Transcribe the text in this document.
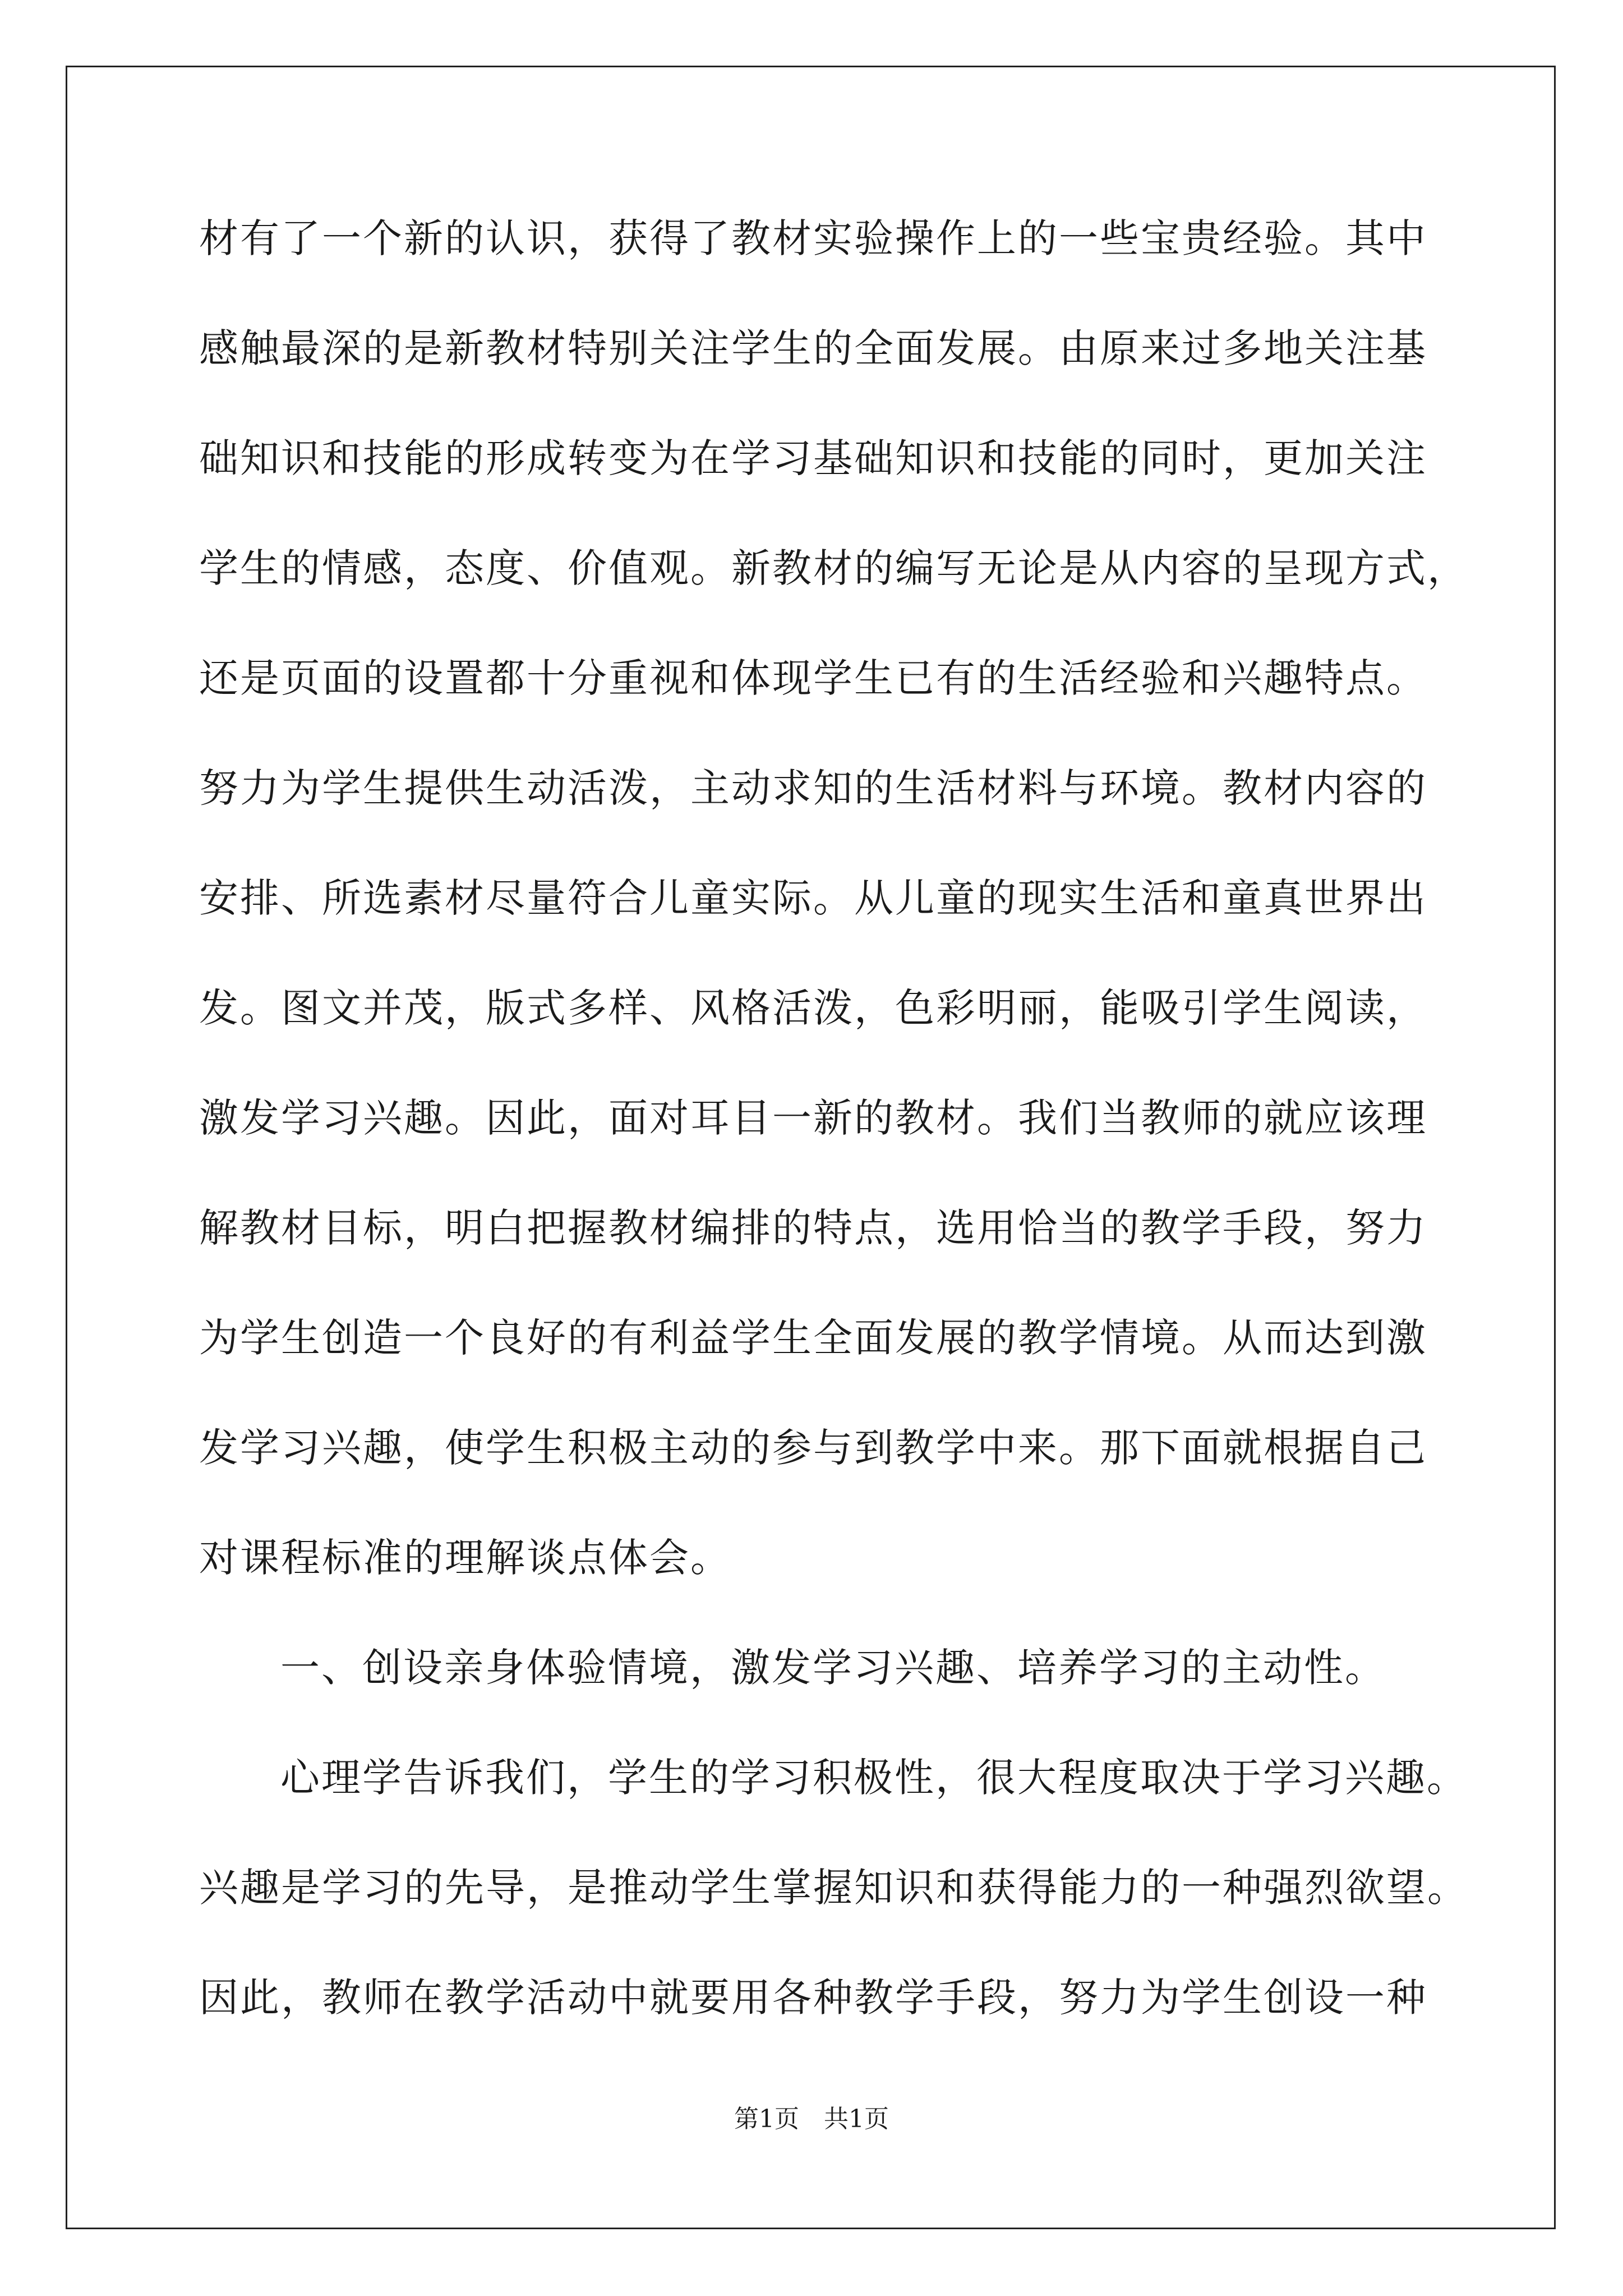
材有了一个新的认识，获得了教材实验操作上的一些宝贵经验。其中
感触最深的是新教材特别关注学生的全面发展。由原来过多地关注基
础知识和技能的形成转变为在学习基础知识和技能的同时，更加关注
学生的情感，态度、价值观。新教材的编写无论是从内容的呈现方式，
还是页面的设置都十分重视和体现学生已有的生活经验和兴趣特点。
努力为学生提供生动活泼，主动求知的生活材料与环境。教材内容的
安排、所选素材尽量符合儿童实际。从儿童的现实生活和童真世界出
发。图文并茂，版式多样、风格活泼，色彩明丽，能吸引学生阅读，
激发学习兴趣。因此，面对耳目一新的教材。我们当教师的就应该理
解教材目标，明白把握教材编排的特点，选用恰当的教学手段，努力
为学生创造一个良好的有利益学生全面发展的教学情境。从而达到激
发学习兴趣，使学生积极主动的参与到教学中来。那下面就根据自己
对课程标准的理解谈点体会。
一、创设亲身体验情境，激发学习兴趣、培养学习的主动性。
心理学告诉我们，学生的学习积极性，很大程度取决于学习兴趣。
兴趣是学习的先导，是推动学生掌握知识和获得能力的一种强烈欲望。
因此，教师在教学活动中就要用各种教学手段，努力为学生创设一种
第1页 共1页
